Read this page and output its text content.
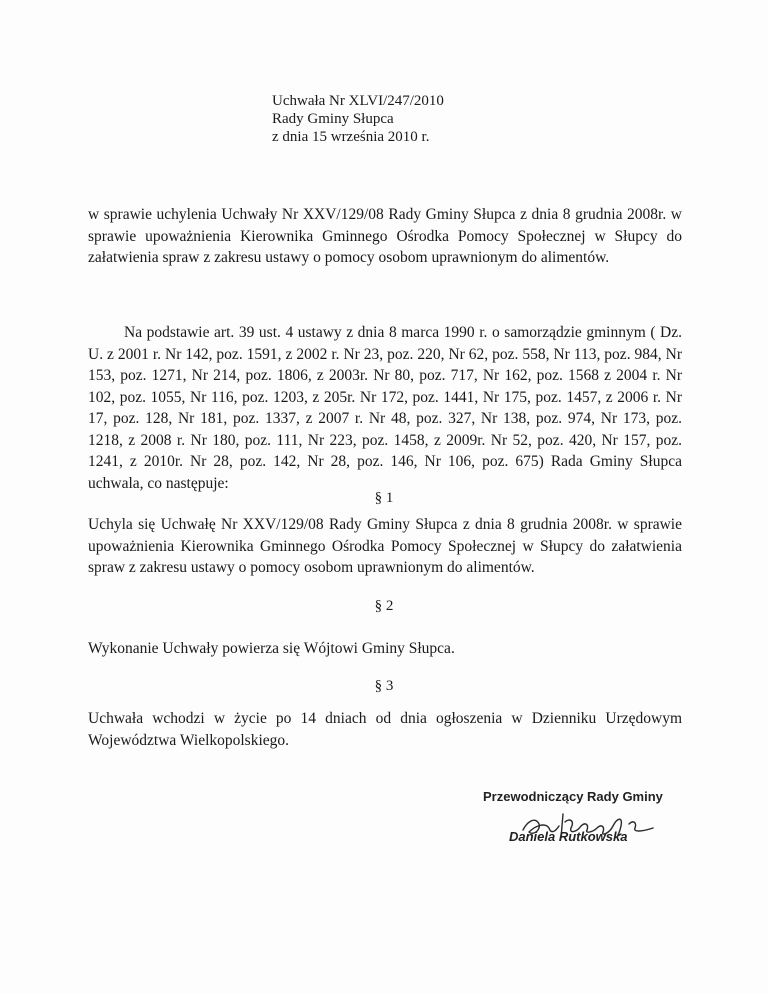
Uchwała Nr XLVI/247/2010
Rady Gminy Słupca
z dnia 15 września 2010 r.
w sprawie uchylenia Uchwały Nr XXV/129/08 Rady Gminy Słupca z dnia 8 grudnia 2008r. w sprawie upoważnienia Kierownika Gminnego Ośrodka Pomocy Społecznej w Słupcy do załatwienia spraw z zakresu ustawy o pomocy osobom uprawnionym do alimentów.
Na podstawie art. 39 ust. 4 ustawy z dnia 8 marca 1990 r. o samorządzie gminnym ( Dz. U. z 2001 r. Nr 142, poz. 1591, z 2002 r. Nr 23, poz. 220, Nr 62, poz. 558, Nr 113, poz. 984, Nr 153, poz. 1271, Nr 214, poz. 1806, z 2003r. Nr 80, poz. 717, Nr 162, poz. 1568 z 2004 r. Nr 102, poz. 1055, Nr 116, poz. 1203, z 205r. Nr 172, poz. 1441, Nr 175, poz. 1457, z 2006 r. Nr 17, poz. 128, Nr 181, poz. 1337, z 2007 r. Nr 48, poz. 327, Nr 138, poz. 974, Nr 173, poz. 1218, z 2008 r. Nr 180, poz. 111, Nr 223, poz. 1458, z 2009r. Nr 52, poz. 420, Nr 157, poz. 1241, z 2010r. Nr 28, poz. 142, Nr 28, poz. 146, Nr 106, poz. 675) Rada Gminy Słupca uchwala, co następuje:
§ 1
Uchyla się Uchwałę Nr XXV/129/08 Rady Gminy Słupca z dnia 8 grudnia 2008r. w sprawie upoważnienia Kierownika Gminnego Ośrodka Pomocy Społecznej w Słupcy do załatwienia spraw z zakresu ustawy o pomocy osobom uprawnionym do alimentów.
§ 2
Wykonanie Uchwały powierza się Wójtowi Gminy Słupca.
§ 3
Uchwała wchodzi w życie po 14 dniach od dnia ogłoszenia w Dzienniku Urzędowym Województwa Wielkopolskiego.
Przewodniczący Rady Gminy
Daniela Rutkowska
